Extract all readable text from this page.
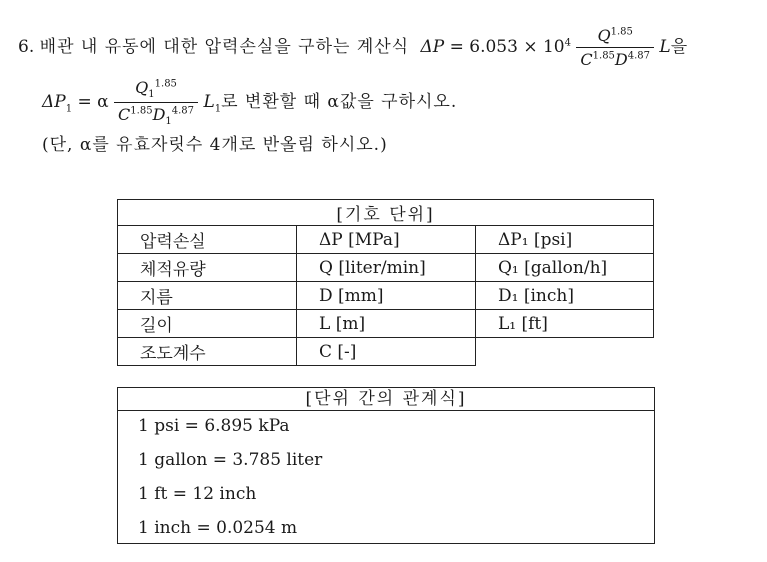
6. 배관 내 유동에 대한 압력손실을 구하는 계산식 $\Delta P = 6.053 \times 10^4 \frac{Q^{1.85}}{C^{1.85}D^{4.87}}$ L을
$\Delta P_1 = \alpha \frac{Q_1^{1.85}}{C^{1.85}D_1^{4.87}} L_1$로 변환할 때 α값을 구하시오.
(단, α를 유효자릿수 4개로 반올림 하시오.)
[기호 단위]		
압력손실	ΔP [MPa]	ΔP₁ [psi]
체적유량	Q [liter/min]	Q₁ [gallon/h]
지름	D [mm]	D₁ [inch]
길이	L [m]	L₁ [ft]
조도계수	C [-]	
[단위 간의 관계식]
1 psi = 6.895 kPa
1 gallon = 3.785 liter
1 ft = 12 inch
1 inch = 0.0254 m
